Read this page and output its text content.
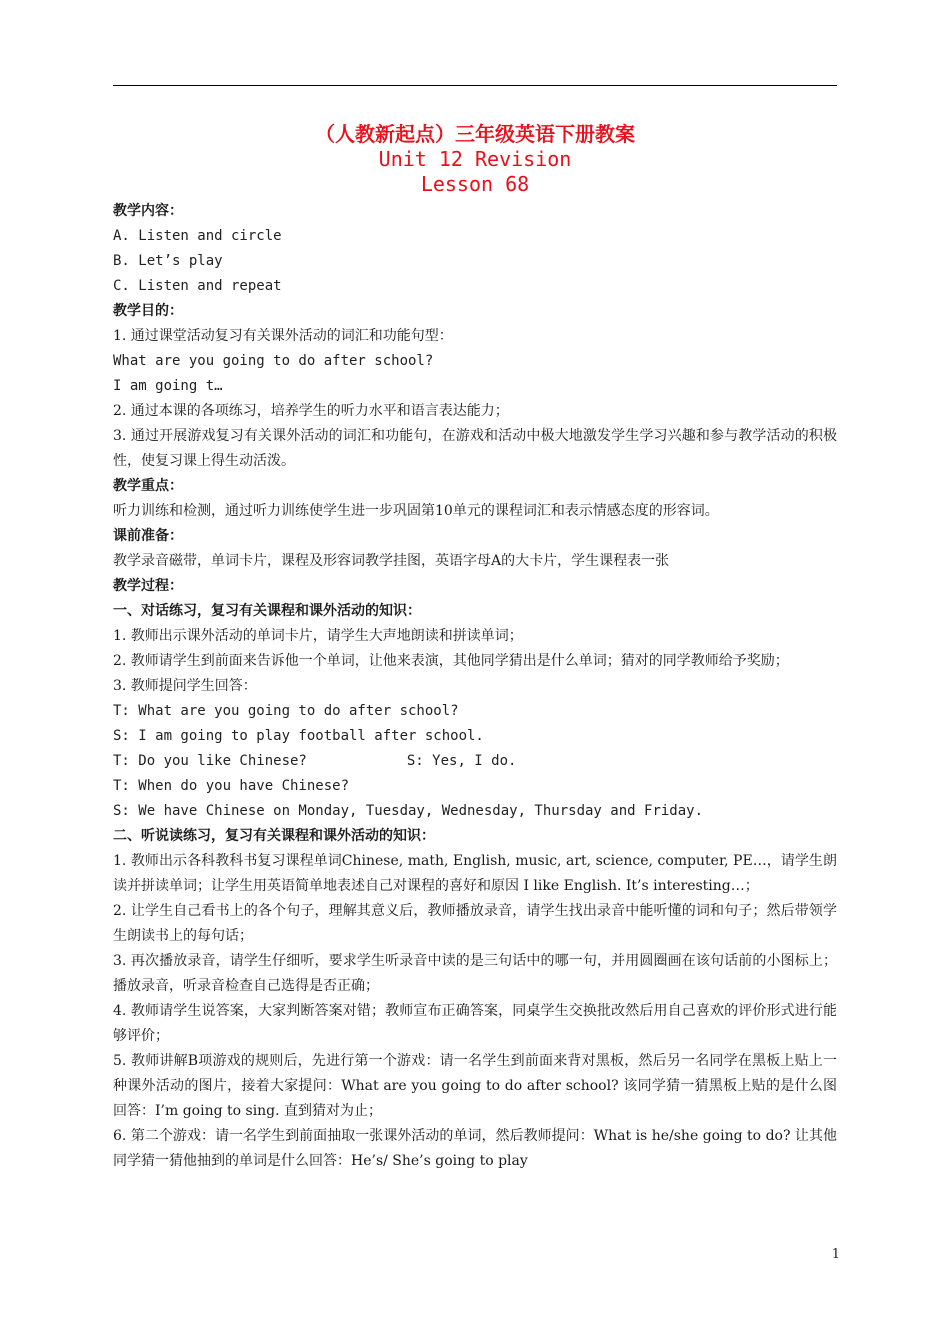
（人教新起点）三年级英语下册教案
Unit 12 Revision
Lesson 68
教学内容：
A. Listen and circle
B. Let’s play
C. Listen and repeat
教学目的：
1. 通过课堂活动复习有关课外活动的词汇和功能句型：
What are you going to do after school?
I am going t…
2. 通过本课的各项练习，培养学生的听力水平和语言表达能力；
3. 通过开展游戏复习有关课外活动的词汇和功能句，在游戏和活动中极大地激发学生学习兴趣和参与教学活动的积极性，使复习课上得生动活泼。
教学重点：
听力训练和检测，通过听力训练使学生进一步巩固第10单元的课程词汇和表示情感态度的形容词。
课前准备：
教学录音磁带，单词卡片，课程及形容词教学挂图，英语字母A的大卡片，学生课程表一张
教学过程：
一、对话练习，复习有关课程和课外活动的知识：
1. 教师出示课外活动的单词卡片，请学生大声地朗读和拼读单词；
2. 教师请学生到前面来告诉他一个单词，让他来表演，其他同学猜出是什么单词；猜对的同学教师给予奖励；
3. 教师提问学生回答：
T: What are you going to do after school?
S: I am going to play football after school.
T: Do you like Chinese?	S: Yes, I do.
T: When do you have Chinese?
S: We have Chinese on Monday, Tuesday, Wednesday, Thursday and Friday.
二、听说读练习，复习有关课程和课外活动的知识：
1. 教师出示各科教科书复习课程单词Chinese, math, English, music, art, science, computer, PE…，请学生朗读并拼读单词；让学生用英语简单地表述自己对课程的喜好和原因 I like English. It’s interesting…；
2. 让学生自己看书上的各个句子，理解其意义后，教师播放录音，请学生找出录音中能听懂的词和句子；然后带领学生朗读书上的每句话；
3. 再次播放录音，请学生仔细听，要求学生听录音中读的是三句话中的哪一句，并用圆圈画在该句话前的小图标上；播放录音，听录音检查自己选得是否正确；
4. 教师请学生说答案，大家判断答案对错；教师宣布正确答案，同桌学生交换批改然后用自己喜欢的评价形式进行能够评价；
5. 教师讲解B项游戏的规则后，先进行第一个游戏：请一名学生到前面来背对黑板，然后另一名同学在黑板上贴上一种课外活动的图片，接着大家提问：What are you going to do after school? 该同学猜一猜黑板上贴的是什么图回答：I’m going to sing. 直到猜对为止；
6. 第二个游戏：请一名学生到前面抽取一张课外活动的单词，然后教师提问：What is he/she going to do? 让其他同学猜一猜他抽到的单词是什么回答：He’s/ She’s going to play
1
